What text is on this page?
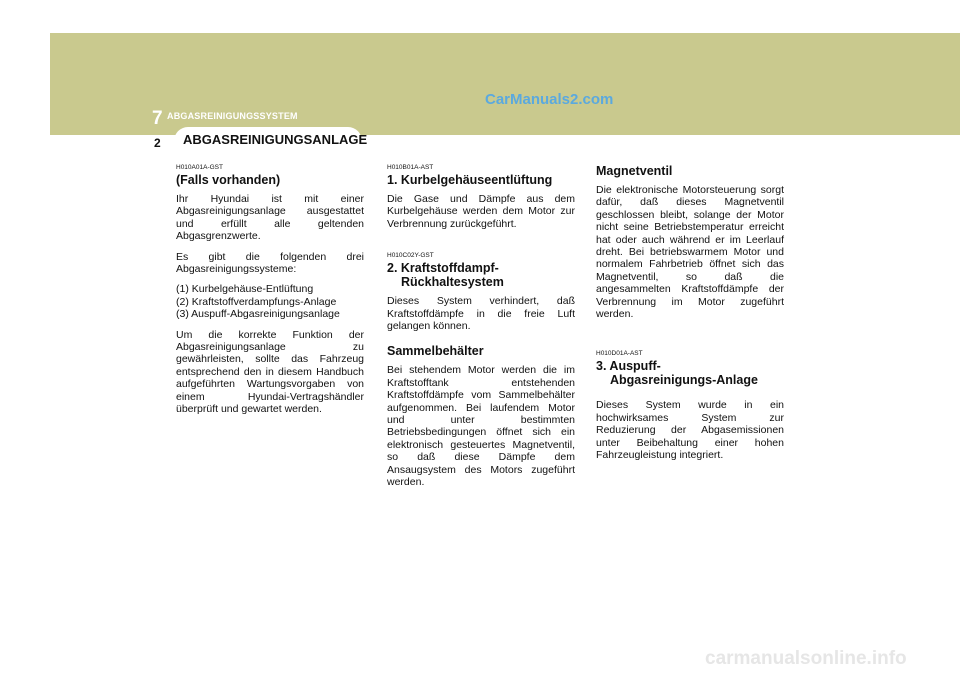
7 ABGASREINIGUNGSSYSTEM
CarManuals2.com
ABGASREINIGUNGSANLAGE
2
H010A01A-GST
(Falls vorhanden)

Ihr Hyundai ist mit einer Abgasreinigungsanlage ausgestattet und erfüllt alle geltenden Abgasgrenzwerte.

Es gibt die folgenden drei Abgasreinigungssysteme:

(1) Kurbelgehäuse-Entlüftung
(2) Kraftstoffverdampfungs-Anlage
(3) Auspuff-Abgasreinigungsanlage

Um die korrekte Funktion der Abgasreinigungsanlage zu gewährleisten, sollte das Fahrzeug entsprechend den in diesem Handbuch aufgeführten Wartungsvorgaben von einem Hyundai-Vertragshändler überprüft und gewartet werden.

H010B01A-AST
1. Kurbelgehäuseentlüftung

Die Gase und Dämpfe aus dem Kurbelgehäuse werden dem Motor zur Verbrennung zurückgeführt.

H010C02Y-GST
2. Kraftstoffdampf-
Rückhaltesystem

Dieses System verhindert, daß Kraftstoffdämpfe in die freie Luft gelangen können.

Sammelbehälter

Bei stehendem Motor werden die im Kraftstofftank entstehenden Kraftstoffdämpfe vom Sammelbehälter aufgenommen. Bei laufendem Motor und unter bestimmten Betriebsbedingungen öffnet sich ein elektronisch gesteuertes Magnetventil, so daß diese Dämpfe dem Ansaugsystem des Motors zugeführt werden.

Magnetventil

Die elektronische Motorsteuerung sorgt dafür, daß dieses Magnetventil geschlossen bleibt, solange der Motor nicht seine Betriebstemperatur erreicht hat oder auch während er im Leerlauf dreht. Bei betriebswarmem Motor und normalem Fahrbetrieb öffnet sich das Magnetventil, so daß die angesammelten Kraftstoffdämpfe der Verbrennung im Motor zugeführt werden.

H010D01A-AST
3. Auspuff-
Abgasreinigungs-Anlage

Dieses System wurde in ein hochwirksames System zur Reduzierung der Abgasemissionen unter Beibehaltung einer hohen Fahrzeugleistung integriert.

carmanualsonline.info
